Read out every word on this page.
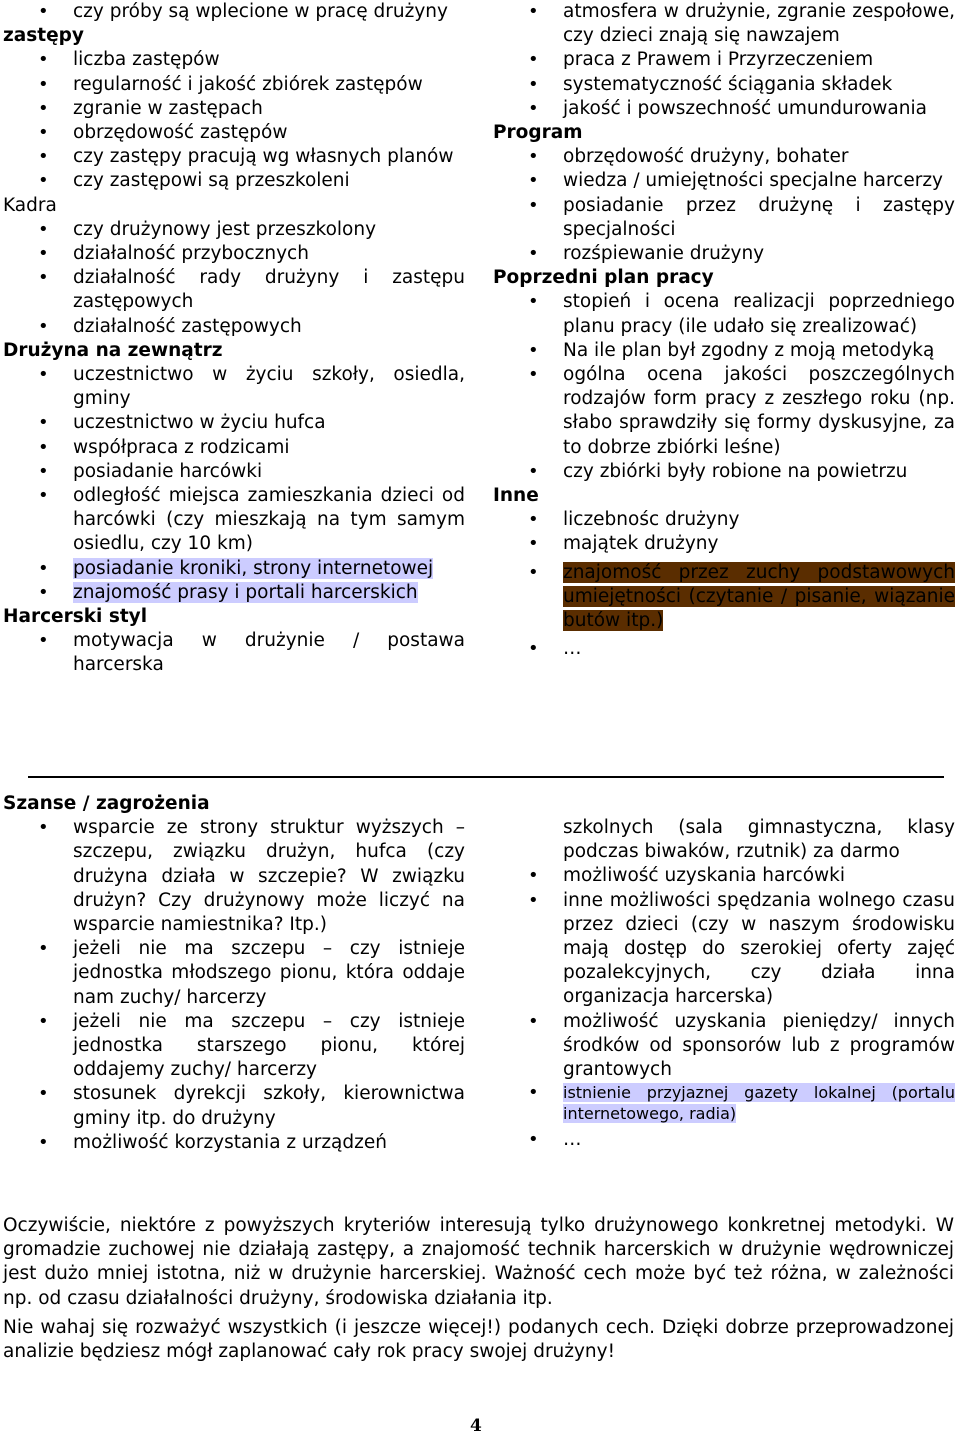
• czy próby są wplecione w pracę drużyny
zastępy
• liczba zastępów
• regularność i jakość zbiórek zastępów
• zgranie w zastępach
• obrzędowość zastępów
• czy zastępy pracują wg własnych planów
• czy zastępowi są przeszkoleni
Kadra
• czy drużynowy jest przeszkolony
• działalność przybocznych
• działalność rady drużyny i zastępu zastępowych
• działalność zastępowych
Drużyna na zewnątrz
• uczestnictwo w życiu szkoły, osiedla, gminy
• uczestnictwo w życiu hufca
• współpraca z rodzicami
• posiadanie harcówki
• odległość miejsca zamieszkania dzieci od harcówki (czy mieszkają na tym samym osiedlu, czy 10 km)
• posiadanie kroniki, strony internetowej
• znajomość prasy i portali harcerskich
Harcerski styl
• motywacja w drużynie / postawa harcerska
• atmosfera w drużynie, zgranie zespołowe, czy dzieci znają się nawzajem
• praca z Prawem i Przyrzeczeniem
• systematyczność ściągania składek
• jakość i powszechność umundurowania
Program
• obrzędowość drużyny, bohater
• wiedza / umiejętności specjalne harcerzy
• posiadanie przez drużynę i zastępy specjalności
• rozśpiewanie drużyny
Poprzedni plan pracy
• stopień i ocena realizacji poprzedniego planu pracy (ile udało się zrealizować)
• Na ile plan był zgodny z moją metodyką
• ogólna ocena jakości poszczególnych rodzajów form pracy z zeszłego roku (np. słabo sprawdziły się formy dyskusyjne, za to dobrze zbiórki leśne)
• czy zbiórki były robione na powietrzu
Inne
• liczebnośc drużyny
• majątek drużyny
• znajomość przez zuchy podstawowych umiejętności (czytanie / pisanie, wiązanie butów itp.)
• …
Szanse / zagrożenia
• wsparcie ze strony struktur wyższych – szczepu, związku drużyn, hufca (czy drużyna działa w szczepie? W związku drużyn? Czy drużynowy może liczyć na wsparcie namiestnika? Itp.)
• jeżeli nie ma szczepu – czy istnieje jednostka młodszego pionu, która oddaje nam zuchy/ harcerzy
• jeżeli nie ma szczepu – czy istnieje jednostka starszego pionu, której oddajemy zuchy/ harcerzy
• stosunek dyrekcji szkoły, kierownictwa gminy itp. do drużyny
• możliwość korzystania z urządzeń
szkolnych (sala gimnastyczna, klasy podczas biwaków, rzutnik) za darmo
• możliwość uzyskania harcówki
• inne możliwości spędzania wolnego czasu przez dzieci (czy w naszym środowisku mają dostęp do szerokiej oferty zajęć pozalekcyjnych, czy działa inna organizacja harcerska)
• możliwość uzyskania pieniędzy/ innych środków od sponsorów lub z programów grantowych
• istnienie przyjaznej gazety lokalnej (portalu internetowego, radia)
• …

Oczywiście, niektóre z powyższych kryteriów interesują tylko drużynowego konkretnej metodyki. W gromadzie zuchowej nie działają zastępy, a znajomość technik harcerskich w drużynie wędrowniczej jest dużo mniej istotna, niż w drużynie harcerskiej. Ważność cech może być też różna, w zależności np. od czasu działalności drużyny, środowiska działania itp.

Nie wahaj się rozważyć wszystkich (i jeszcze więcej!) podanych cech. Dzięki dobrze przeprowadzonej analizie będziesz mógł zaplanować cały rok pracy swojej drużyny!

4
